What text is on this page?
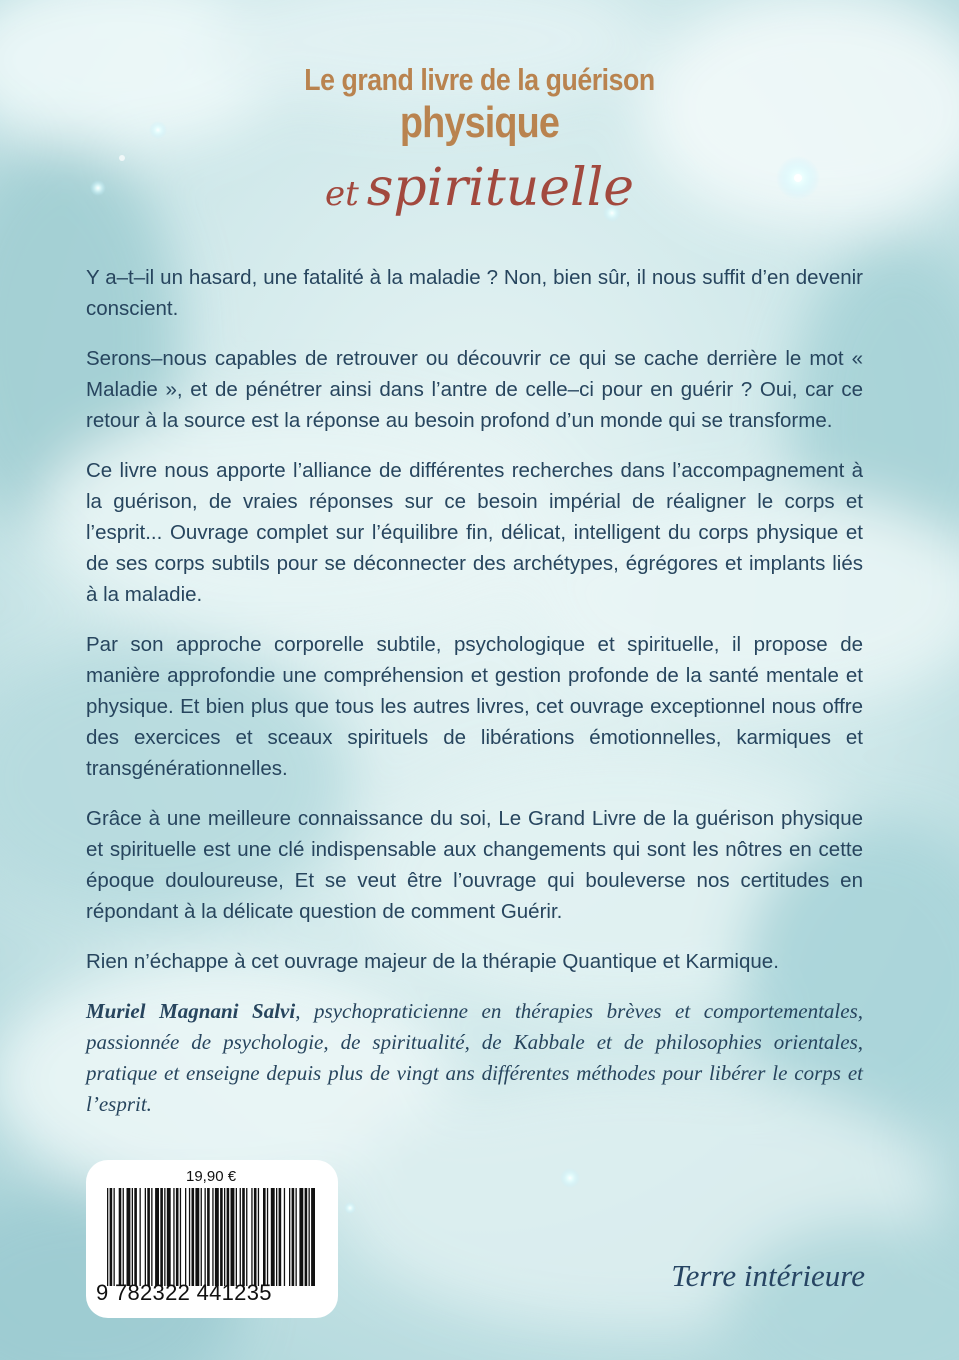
Le grand livre de la guérison
physique
et spirituelle

Y a–t–il un hasard, une fatalité à la maladie ? Non, bien sûr, il nous suffit d’en devenir conscient.

Serons–nous capables de retrouver ou découvrir ce qui se cache derrière le mot « Maladie », et de pénétrer ainsi dans l’antre de celle–ci pour en guérir ? Oui, car ce retour à la source est la réponse au besoin profond d’un monde qui se transforme.

Ce livre nous apporte l’alliance de différentes recherches dans l’accompagnement à la guérison, de vraies réponses sur ce besoin impérial de réaligner le corps et l’esprit... Ouvrage complet sur l’équilibre fin, délicat, intelligent du corps physique et de ses corps subtils pour se déconnecter des archétypes, égrégores et implants liés à la maladie.

Par son approche corporelle subtile, psychologique et spirituelle, il propose de manière approfondie une compréhension et gestion profonde de la santé mentale et physique. Et bien plus que tous les autres livres, cet ouvrage exceptionnel nous offre des exercices et sceaux spirituels de libérations émotionnelles, karmiques et transgénérationnelles.

Grâce à une meilleure connaissance du soi, Le Grand Livre de la guérison physique et spirituelle est une clé indispensable aux changements qui sont les nôtres en cette époque douloureuse, Et se veut être l’ouvrage qui bouleverse nos certitudes en répondant à la délicate question de comment Guérir.

Rien n’échappe à cet ouvrage majeur de la thérapie Quantique et Karmique.

Muriel Magnani Salvi, psychopraticienne en thérapies brèves et comportementales, passionnée de psychologie, de spiritualité, de Kabbale et de philosophies orientales, pratique et enseigne depuis plus de vingt ans différentes méthodes pour libérer le corps et l’esprit.

19,90 €
9 782322 441235	Terre intérieure
